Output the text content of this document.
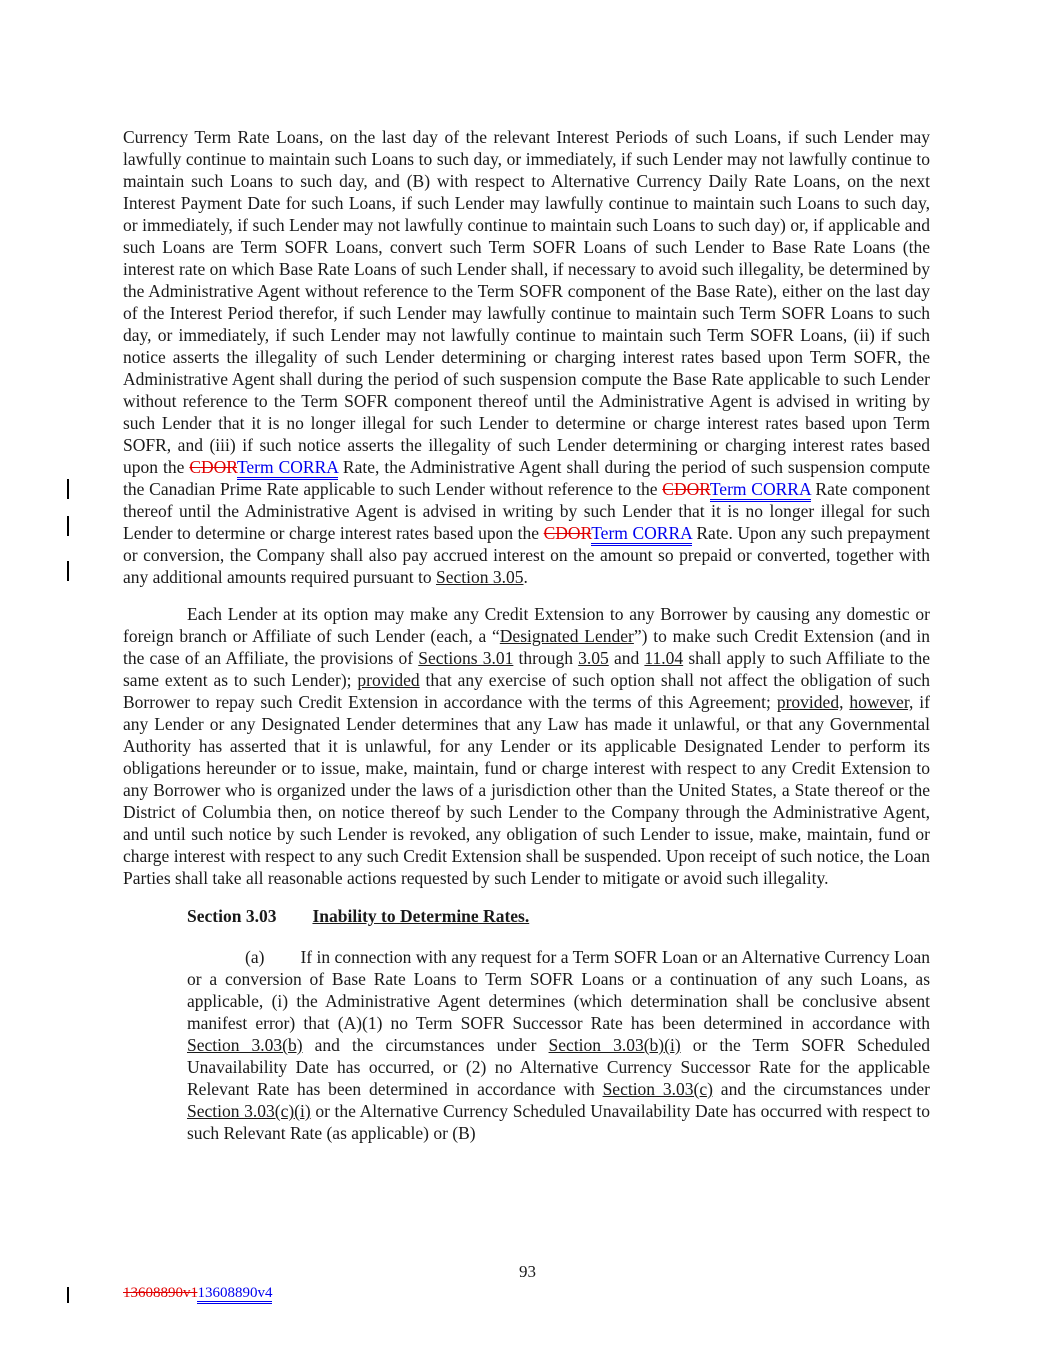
Currency Term Rate Loans, on the last day of the relevant Interest Periods of such Loans, if such Lender may lawfully continue to maintain such Loans to such day, or immediately, if such Lender may not lawfully continue to maintain such Loans to such day, and (B) with respect to Alternative Currency Daily Rate Loans, on the next Interest Payment Date for such Loans, if such Lender may lawfully continue to maintain such Loans to such day, or immediately, if such Lender may not lawfully continue to maintain such Loans to such day) or, if applicable and such Loans are Term SOFR Loans, convert such Term SOFR Loans of such Lender to Base Rate Loans (the interest rate on which Base Rate Loans of such Lender shall, if necessary to avoid such illegality, be determined by the Administrative Agent without reference to the Term SOFR component of the Base Rate), either on the last day of the Interest Period therefor, if such Lender may lawfully continue to maintain such Term SOFR Loans to such day, or immediately, if such Lender may not lawfully continue to maintain such Term SOFR Loans, (ii) if such notice asserts the illegality of such Lender determining or charging interest rates based upon Term SOFR, the Administrative Agent shall during the period of such suspension compute the Base Rate applicable to such Lender without reference to the Term SOFR component thereof until the Administrative Agent is advised in writing by such Lender that it is no longer illegal for such Lender to determine or charge interest rates based upon Term SOFR, and (iii) if such notice asserts the illegality of such Lender determining or charging interest rates based upon the CDORTerm CORRA Rate, the Administrative Agent shall during the period of such suspension compute the Canadian Prime Rate applicable to such Lender without reference to the CDORTerm CORRA Rate component thereof until the Administrative Agent is advised in writing by such Lender that it is no longer illegal for such Lender to determine or charge interest rates based upon the CDORTerm CORRA Rate. Upon any such prepayment or conversion, the Company shall also pay accrued interest on the amount so prepaid or converted, together with any additional amounts required pursuant to Section 3.05.

Each Lender at its option may make any Credit Extension to any Borrower by causing any domestic or foreign branch or Affiliate of such Lender (each, a “Designated Lender”) to make such Credit Extension (and in the case of an Affiliate, the provisions of Sections 3.01 through 3.05 and 11.04 shall apply to such Affiliate to the same extent as to such Lender); provided that any exercise of such option shall not affect the obligation of such Borrower to repay such Credit Extension in accordance with the terms of this Agreement; provided, however, if any Lender or any Designated Lender determines that any Law has made it unlawful, or that any Governmental Authority has asserted that it is unlawful, for any Lender or its applicable Designated Lender to perform its obligations hereunder or to issue, make, maintain, fund or charge interest with respect to any Credit Extension to any Borrower who is organized under the laws of a jurisdiction other than the United States, a State thereof or the District of Columbia then, on notice thereof by such Lender to the Company through the Administrative Agent, and until such notice by such Lender is revoked, any obligation of such Lender to issue, make, maintain, fund or charge interest with respect to any such Credit Extension shall be suspended. Upon receipt of such notice, the Loan Parties shall take all reasonable actions requested by such Lender to mitigate or avoid such illegality.

Section 3.03 Inability to Determine Rates.

(a) If in connection with any request for a Term SOFR Loan or an Alternative Currency Loan or a conversion of Base Rate Loans to Term SOFR Loans or a continuation of any such Loans, as applicable, (i) the Administrative Agent determines (which determination shall be conclusive absent manifest error) that (A)(1) no Term SOFR Successor Rate has been determined in accordance with Section 3.03(b) and the circumstances under Section 3.03(b)(i) or the Term SOFR Scheduled Unavailability Date has occurred, or (2) no Alternative Currency Successor Rate for the applicable Relevant Rate has been determined in accordance with Section 3.03(c) and the circumstances under Section 3.03(c)(i) or the Alternative Currency Scheduled Unavailability Date has occurred with respect to such Relevant Rate (as applicable) or (B)

93
13608890v113608890v4
